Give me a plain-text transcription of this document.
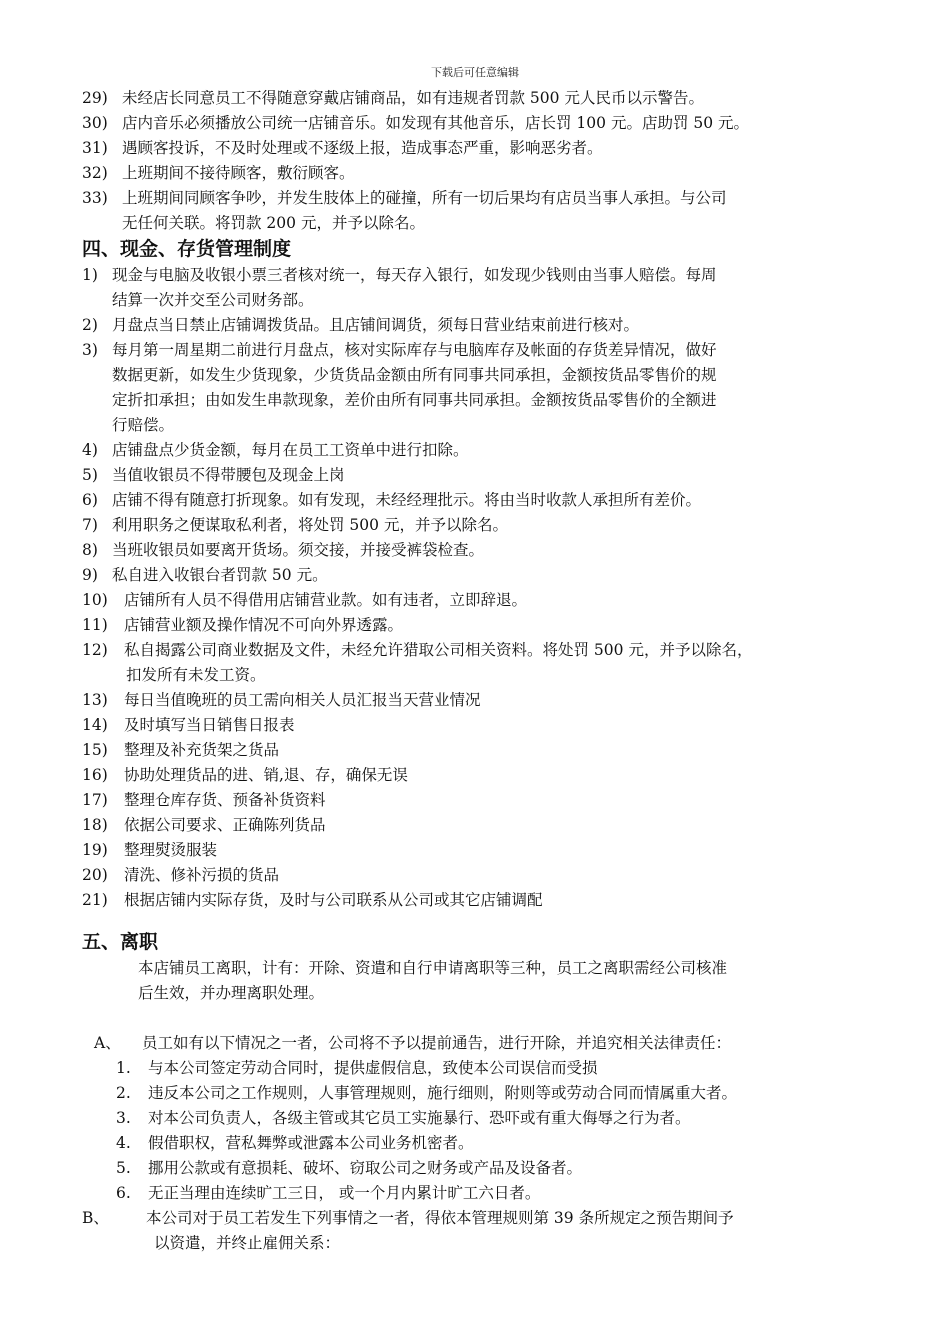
下载后可任意编辑
29) 未经店长同意员工不得随意穿戴店铺商品，如有违规者罚款 500 元人民币以示警告。
30) 店内音乐必须播放公司统一店铺音乐。如发现有其他音乐，店长罚 100 元。店助罚 50 元。
31) 遇顾客投诉，不及时处理或不逐级上报，造成事态严重，影响恶劣者。
32) 上班期间不接待顾客，敷衍顾客。
33) 上班期间同顾客争吵，并发生肢体上的碰撞，所有一切后果均有店员当事人承担。与公司
无任何关联。将罚款 200 元，并予以除名。
四、现金、存货管理制度
1) 现金与电脑及收银小票三者核对统一，每天存入银行，如发现少钱则由当事人赔偿。每周
结算一次并交至公司财务部。
2) 月盘点当日禁止店铺调拨货品。且店铺间调货，须每日营业结束前进行核对。
3) 每月第一周星期二前进行月盘点，核对实际库存与电脑库存及帐面的存货差异情况，做好
数据更新，如发生少货现象，少货货品金额由所有同事共同承担，金额按货品零售价的规
定折扣承担；由如发生串款现象，差价由所有同事共同承担。金额按货品零售价的全额进
行赔偿。
4) 店铺盘点少货金额，每月在员工工资单中进行扣除。
5) 当值收银员不得带腰包及现金上岗
6) 店铺不得有随意打折现象。如有发现，未经经理批示。将由当时收款人承担所有差价。
7) 利用职务之便谋取私利者，将处罚 500 元，并予以除名。
8) 当班收银员如要离开货场。须交接，并接受裤袋检查。
9) 私自进入收银台者罚款 50 元。
10)	店铺所有人员不得借用店铺营业款。如有违者，立即辞退。
11)	店铺营业额及操作情况不可向外界透露。
12)	私自揭露公司商业数据及文件，未经允许猎取公司相关资料。将处罚 500 元，并予以除名，
扣发所有未发工资。
13)	每日当值晚班的员工需向相关人员汇报当天营业情况
14)	及时填写当日销售日报表
15)	整理及补充货架之货品
16)	协助处理货品的进、销,退、存，确保无误
17)	整理仓库存货、预备补货资料
18)	依据公司要求、正确陈列货品
19)	整理熨烫服装
20)	清洗、修补污损的货品
21)	根据店铺内实际存货，及时与公司联系从公司或其它店铺调配
五、离职
本店铺员工离职，计有：开除、资遣和自行申请离职等三种，员工之离职需经公司核准
后生效，并办理离职处理。
A、	员工如有以下情况之一者，公司将不予以提前通告，进行开除，并追究相关法律责任：
1.	与本公司签定劳动合同时，提供虚假信息，致使本公司误信而受损
2.	违反本公司之工作规则，人事管理规则，施行细则，附则等或劳动合同而情属重大者。
3.	对本公司负责人，各级主管或其它员工实施暴行、恐吓或有重大侮辱之行为者。
4.	假借职权，营私舞弊或泄露本公司业务机密者。
5.	挪用公款或有意损耗、破坏、窃取公司之财务或产品及设备者。
6.	无正当理由连续旷工三日， 或一个月内累计旷工六日者。
B、	本公司对于员工若发生下列事情之一者，得依本管理规则第 39 条所规定之预告期间予
以资遣，并终止雇佣关系：
